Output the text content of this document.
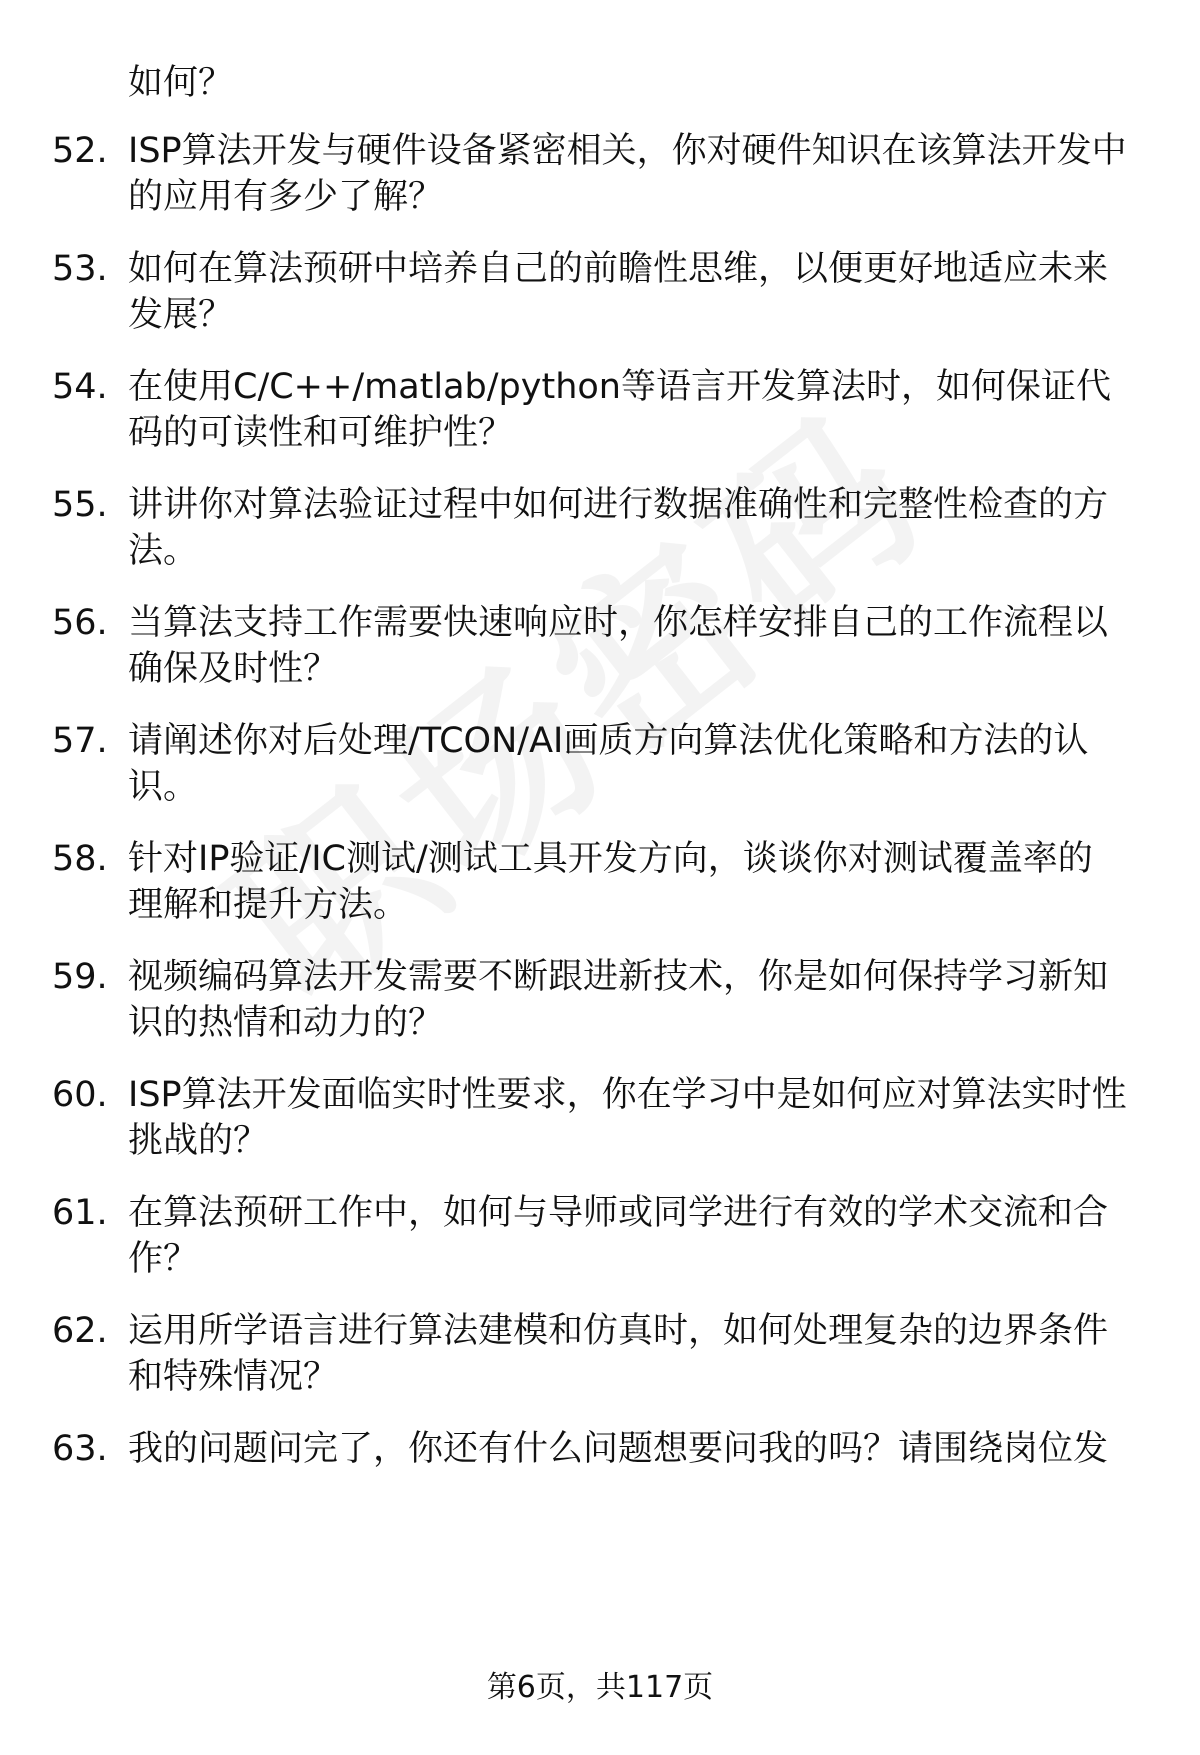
如何？

52. ISP算法开发与硬件设备紧密相关，你对硬件知识在该算法开发中
的应用有多少了解？
53. 如何在算法预研中培养自己的前瞻性思维，以便更好地适应未来
发展？
54. 在使用C/C++/matlab/python等语言开发算法时，如何保证代
码的可读性和可维护性？
55. 讲讲你对算法验证过程中如何进行数据准确性和完整性检查的方
法。
56. 当算法支持工作需要快速响应时，你怎样安排自己的工作流程以
确保及时性？
57. 请阐述你对后处理/TCON/AI画质方向算法优化策略和方法的认
识。
58. 针对IP验证/IC测试/测试工具开发方向，谈谈你对测试覆盖率的
理解和提升方法。
59. 视频编码算法开发需要不断跟进新技术，你是如何保持学习新知
识的热情和动力的？
60. ISP算法开发面临实时性要求，你在学习中是如何应对算法实时性
挑战的？
61. 在算法预研工作中，如何与导师或同学进行有效的学术交流和合
作？
62. 运用所学语言进行算法建模和仿真时，如何处理复杂的边界条件
和特殊情况？
63. 我的问题问完了，你还有什么问题想要问我的吗？请围绕岗位发
第6页，共117页
